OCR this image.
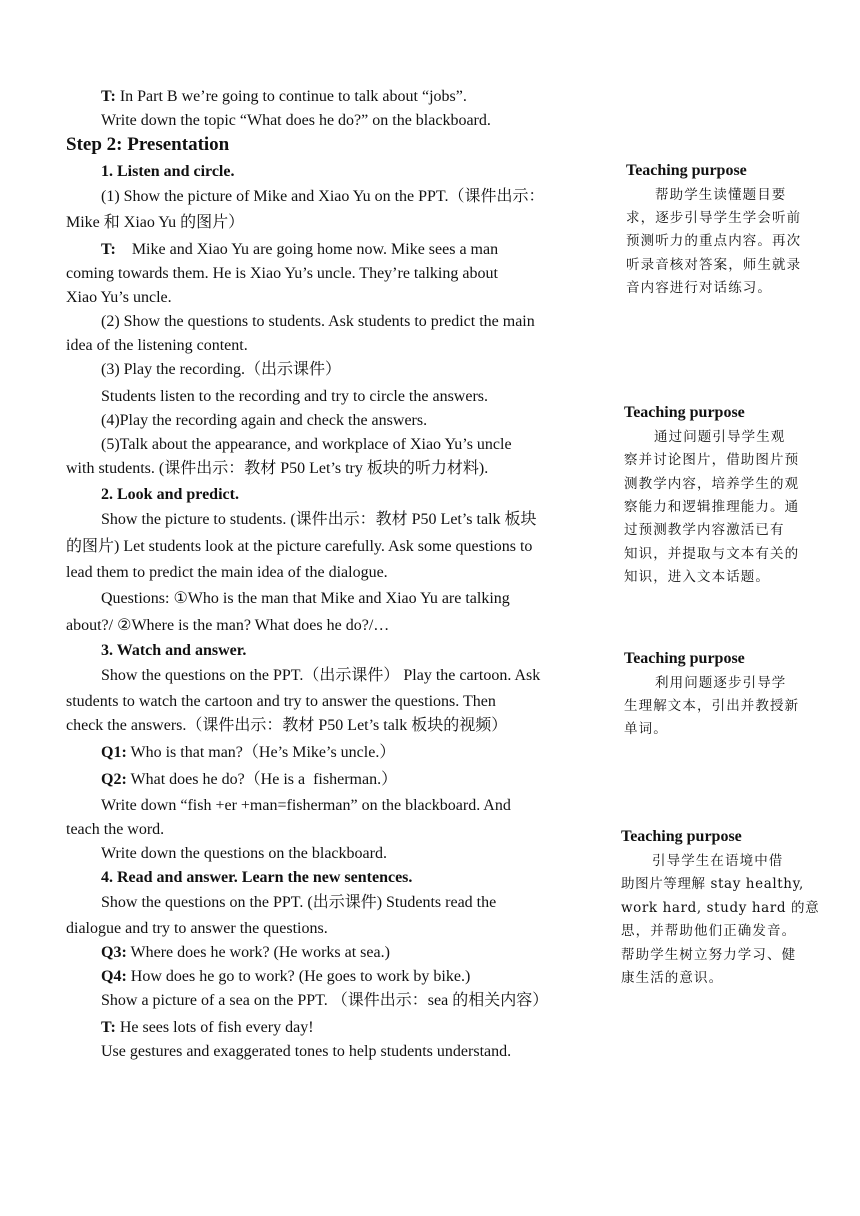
T: In Part B we’re going to continue to talk about “jobs”.
Write down the topic “What does he do?” on the blackboard.
Step 2: Presentation
1. Listen and circle.
(1) Show the picture of Mike and Xiao Yu on the PPT.（课件出示：
Mike 和 Xiao Yu 的图片）
T:    Mike and Xiao Yu are going home now. Mike sees a man
coming towards them. He is Xiao Yu’s uncle. They’re talking about
Xiao Yu’s uncle.
(2) Show the questions to students. Ask students to predict the main
idea of the listening content.
(3) Play the recording.（出示课件）
Students listen to the recording and try to circle the answers.
(4)Play the recording again and check the answers.
(5)Talk about the appearance, and workplace of Xiao Yu’s uncle
with students. (课件出示：教材 P50 Let’s try 板块的听力材料).
2. Look and predict.
Show the picture to students. (课件出示：教材 P50 Let’s talk 板块
的图片) Let students look at the picture carefully. Ask some questions to
lead them to predict the main idea of the dialogue.
Questions: ①Who is the man that Mike and Xiao Yu are talking
about?/ ②Where is the man? What does he do?/…
3. Watch and answer.
Show the questions on the PPT.（出示课件） Play the cartoon. Ask
students to watch the cartoon and try to answer the questions. Then
check the answers.（课件出示：教材 P50 Let’s talk 板块的视频）
Q1: Who is that man?（He’s Mike’s uncle.）
Q2: What does he do?（He is a  fisherman.）
Write down “fish +er +man=fisherman” on the blackboard. And
teach the word.
Write down the questions on the blackboard.
4. Read and answer. Learn the new sentences.
Show the questions on the PPT. (出示课件) Students read the
dialogue and try to answer the questions.
Q3: Where does he work? (He works at sea.)
Q4: How does he go to work? (He goes to work by bike.)
Show a picture of a sea on the PPT. （课件出示：sea 的相关内容）
T: He sees lots of fish every day!
Use gestures and exaggerated tones to help students understand.
Teaching purpose
帮助学生读懂题目要
求，逐步引导学生学会听前
预测听力的重点内容。再次
听录音核对答案，师生就录
音内容进行对话练习。
Teaching purpose
通过问题引导学生观
察并讨论图片，借助图片预
测教学内容，培养学生的观
察能力和逻辑推理能力。通
过预测教学内容激活已有
知识，并提取与文本有关的
知识，进入文本话题。
Teaching purpose
利用问题逐步引导学
生理解文本，引出并教授新
单词。
Teaching purpose
引导学生在语境中借
助图片等理解 stay healthy,
work hard, study hard 的意
思，并帮助他们正确发音。
帮助学生树立努力学习、健
康生活的意识。
